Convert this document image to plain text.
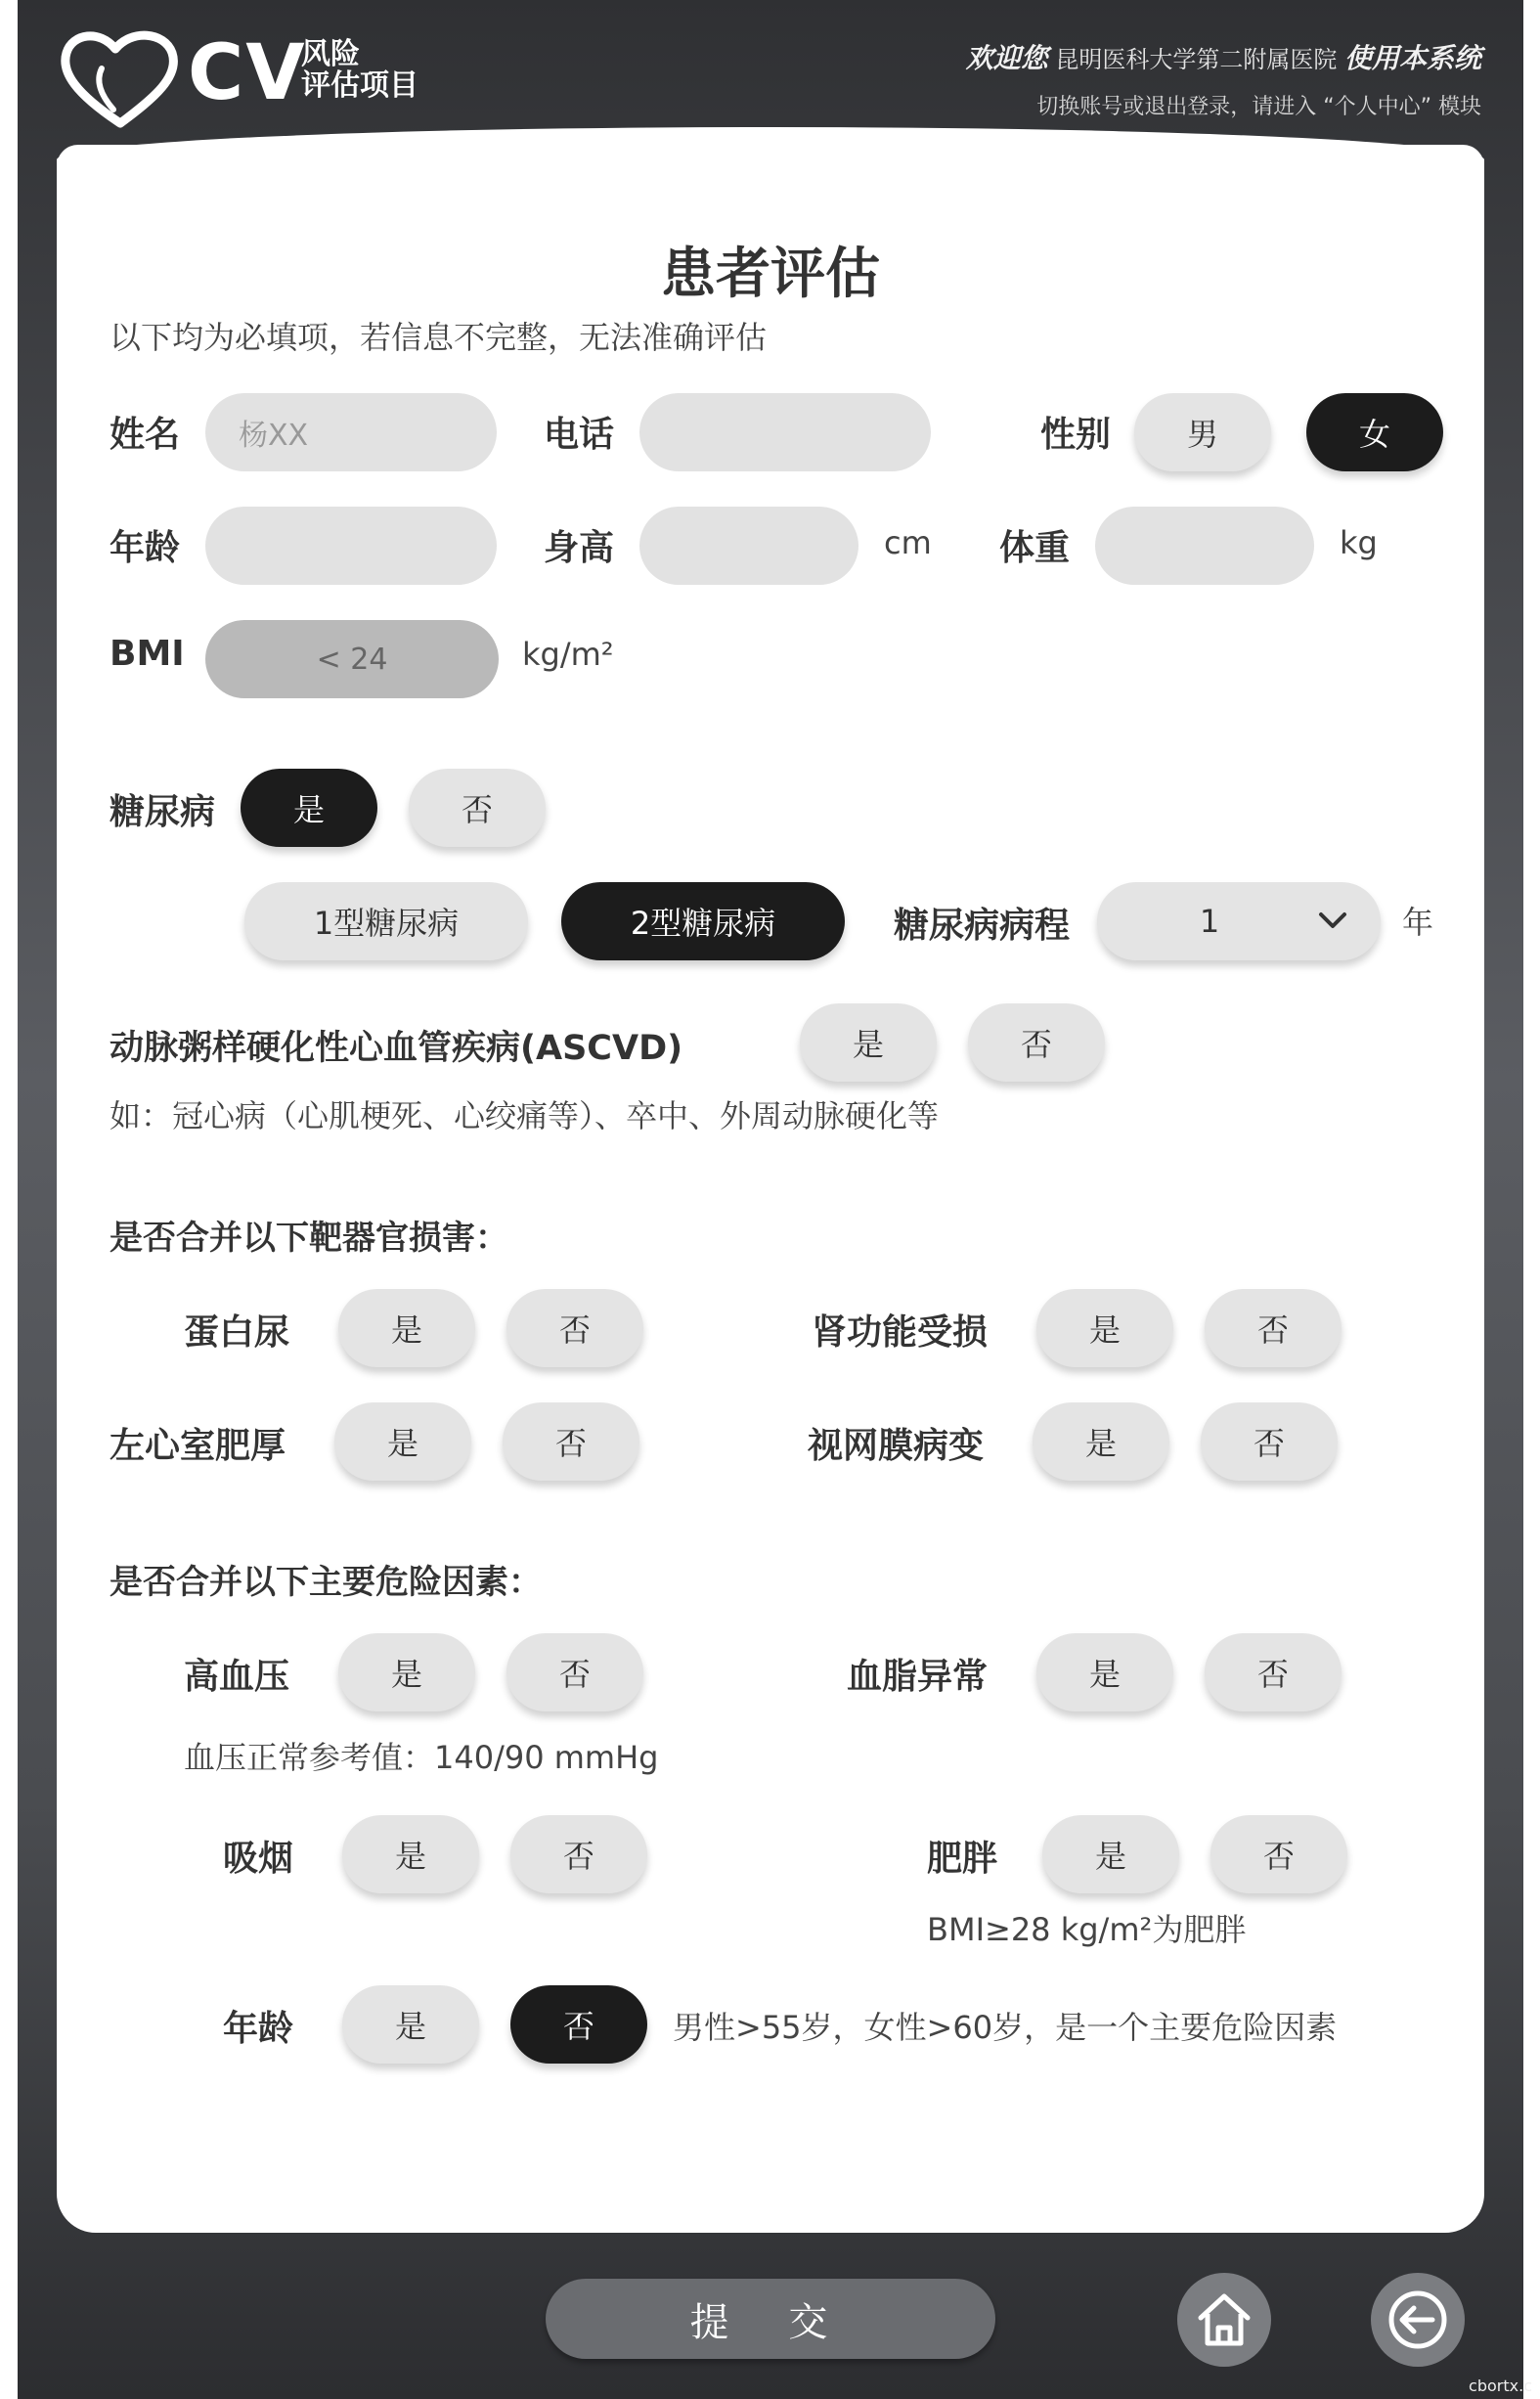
CV
风险
评估项目
欢迎您 昆明医科大学第二附属医院 使用本系统
切换账号或退出登录，请进入 “个人中心” 模块
患者评估
以下均为必填项，若信息不完整，无法准确评估
姓名	杨XX	电话	性别	男	女
年龄	身高	cm 体重	kg
BMI	< 24	kg/m²
糖尿病	是	否
1型糖尿病	2型糖尿病	糖尿病病程	1	年
动脉粥样硬化性心血管疾病(ASCVD)	是	否
如：冠心病（心肌梗死、心绞痛等）、卒中、外周动脉硬化等
是否合并以下靶器官损害：
蛋白尿	是	否	肾功能受损	是	否
左心室肥厚	是	否	视网膜病变	是	否
是否合并以下主要危险因素：
高血压	是	否	血脂异常	是	否
血压正常参考值：140/90 mmHg
吸烟	是	否	肥胖	是	否
BMI≥28 kg/m²为肥胖
年龄	是	否	男性>55岁，女性>60岁，是一个主要危险因素
提 交
cbortx.c
